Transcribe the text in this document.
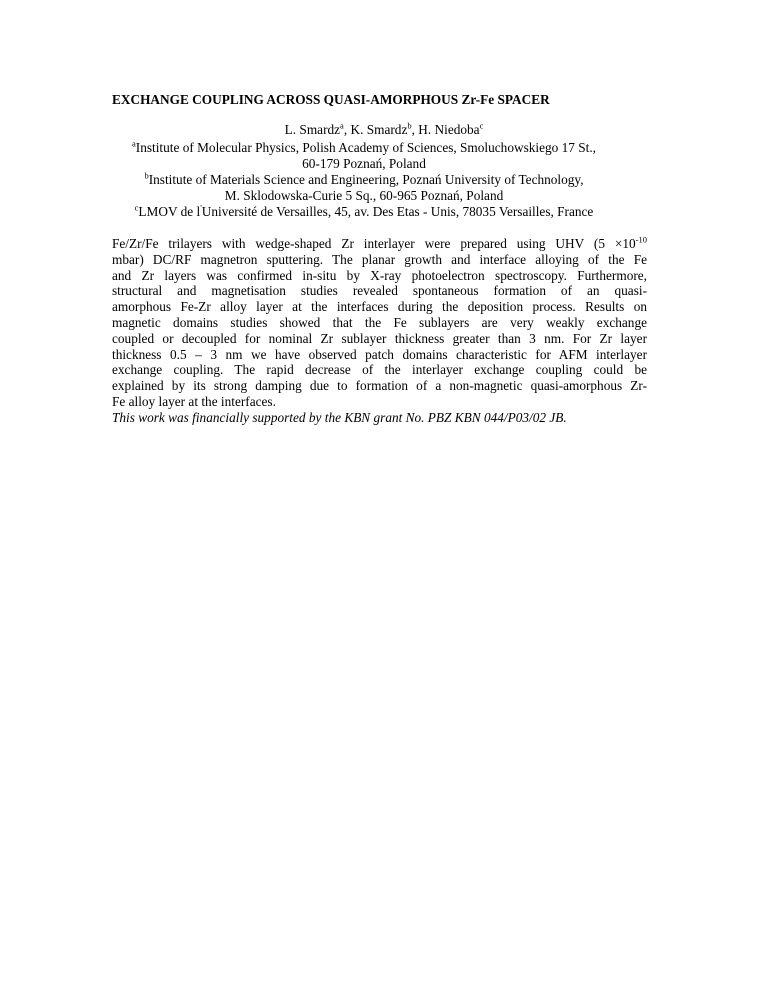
EXCHANGE COUPLING ACROSS QUASI-AMORPHOUS Zr-Fe SPACER
L. Smardz$^a$, K. Smardz$^b$, H. Niedoba$^c$
$^a$Institute of Molecular Physics, Polish Academy of Sciences, Smoluchowskiego 17 St.,
60-179 Poznań, Poland
$^b$Institute of Materials Science and Engineering, Poznań University of Technology,
M. Sklodowska-Curie 5 Sq., 60-965 Poznań, Poland
$^c$LMOV de l'Université de Versailles, 45, av. Des Etas - Unis, 78035 Versailles, France
Fe/Zr/Fe trilayers with wedge-shaped Zr interlayer were prepared using UHV ($5 \times 10^{-10}$
mbar) DC/RF magnetron sputtering. The planar growth and interface alloying of the Fe
and Zr layers was confirmed in-situ by X-ray photoelectron spectroscopy. Furthermore,
structural and magnetisation studies revealed spontaneous formation of an quasi-
amorphous Fe-Zr alloy layer at the interfaces during the deposition process. Results on
magnetic domains studies showed that the Fe sublayers are very weakly exchange
coupled or decoupled for nominal Zr sublayer thickness greater than 3 nm. For Zr layer
thickness 0.5 – 3 nm we have observed patch domains characteristic for AFM interlayer
exchange coupling. The rapid decrease of the interlayer exchange coupling could be
explained by its strong damping due to formation of a non-magnetic quasi-amorphous Zr-
Fe alloy layer at the interfaces.
This work was financially supported by the KBN grant No. PBZ KBN 044/P03/02 JB.
